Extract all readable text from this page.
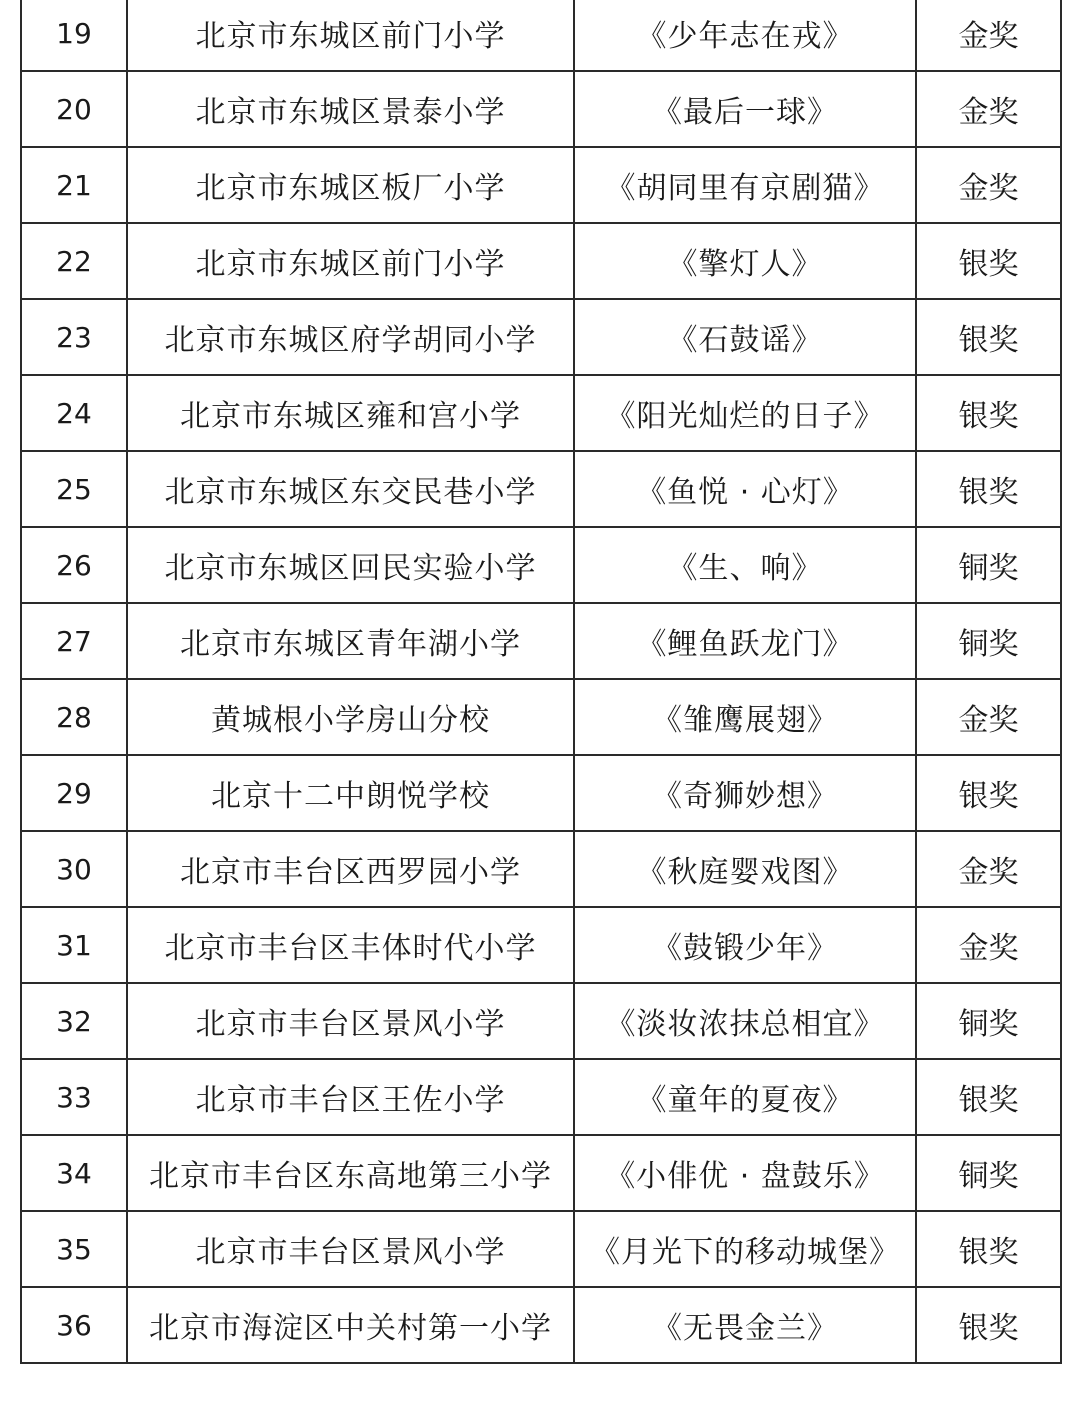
19	北京市东城区前门小学	《少年志在戎》	金奖
20	北京市东城区景泰小学	《最后一球》	金奖
21	北京市东城区板厂小学	《胡同里有京剧猫》	金奖
22	北京市东城区前门小学	《擎灯人》	银奖
23	北京市东城区府学胡同小学	《石鼓谣》	银奖
24	北京市东城区雍和宫小学	《阳光灿烂的日子》	银奖
25	北京市东城区东交民巷小学	《鱼悦 · 心灯》	银奖
26	北京市东城区回民实验小学	《生、响》	铜奖
27	北京市东城区青年湖小学	《鲤鱼跃龙门》	铜奖
28	黄城根小学房山分校	《雏鹰展翅》	金奖
29	北京十二中朗悦学校	《奇狮妙想》	银奖
30	北京市丰台区西罗园小学	《秋庭婴戏图》	金奖
31	北京市丰台区丰体时代小学	《鼓锻少年》	金奖
32	北京市丰台区景风小学	《淡妆浓抹总相宜》	铜奖
33	北京市丰台区王佐小学	《童年的夏夜》	银奖
34	北京市丰台区东高地第三小学	《小俳优 · 盘鼓乐》	铜奖
35	北京市丰台区景风小学	《月光下的移动城堡》	银奖
36	北京市海淀区中关村第一小学	《无畏金兰》	银奖
